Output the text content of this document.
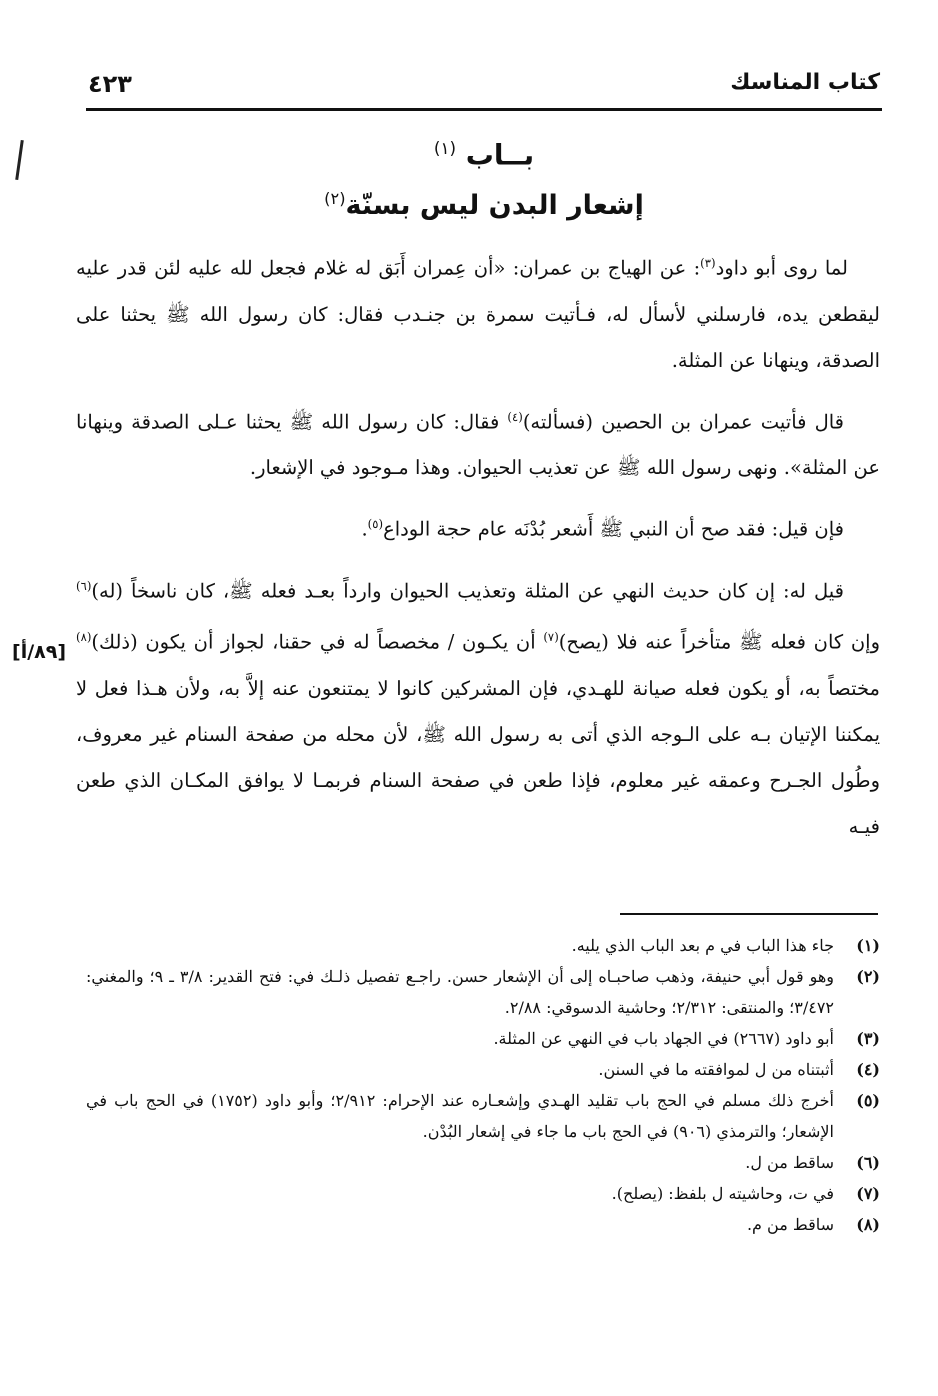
كتاب المناسك
٤٢٣
بــاب $^{(١)}$
إشعار البدن ليس بسنّة$^{(٢)}$

لما روى أبو داود$^{(٣)}$: عن الهياج بن عمران: «أن عِمران أَبَق له غلام فجعل لله عليه لئن قدر عليه ليقطعن يده، فارسلني لأسأل له، فـأتيت سمرة بن جنـدب فقال: كان رسول الله ﷺ يحثنا على الصدقة، وينهانا عن المثلة.

قال فأتيت عمران بن الحصين (فسألته)$^{(٤)}$ فقال: كان رسول الله ﷺ يحثنا عـلى الصدقة وينهانا عن المثلة». ونهى رسول الله ﷺ عن تعذيب الحيوان. وهذا مـوجود في الإشعار.

فإن قيل: فقد صح أن النبي ﷺ أَشعر بُدْنَه عام حجة الوداع$^{(٥)}$.

قيل له: إن كان حديث النهي عن المثلة وتعذيب الحيوان وارداً بعـد فعله ﷺ، كان ناسخاً (له)$^{(٦)}$ وإن كان فعله ﷺ متأخراً عنه فلا (يصح)$^{(٧)}$ أن يكـون / مخصصاً له في حقنا، لجواز أن يكون (ذلك)$^{(٨)}$ مختصاً به، أو يكون فعله صيانة للهـدي، فإن المشركين كانوا لا يمتنعون عنه إلاَّ به، ولأن هـذا فعل لا يمكننا الإتيان بـه على الـوجه الذي أتى به رسول الله ﷺ، لأن محله من صفحة السنام غير معروف، وطُول الجـرح وعمقه غير معلوم، فإذا طعن في صفحة السنام فربمـا لا يوافق المكـان الذي طعن فيـه

[٨٩/أ]
(١)
جاء هذا الباب في م بعد الباب الذي يليه.
(٢)
وهو قول أبي حنيفة، وذهب صاحبـاه إلى أن الإشعار حسن. راجـع تفصيل ذلـك في: فتح القدير: ٣/٨ ـ ٩؛ والمغني: ٣/٤٧٢؛ والمنتقى: ٢/٣١٢؛ وحاشية الدسوقي: ٢/٨٨.
(٣)
أبو داود (٢٦٦٧) في الجهاد باب في النهي عن المثلة.
(٤)
أثبتناه من ل لموافقته ما في السنن.
(٥)
أخرج ذلك مسلم في الحج باب تقليد الهـدي وإشعـاره عند الإحرام: ٢/٩١٢؛ وأبو داود (١٧٥٢) في الحج باب في الإشعار؛ والترمذي (٩٠٦) في الحج باب ما جاء في إشعار البُدْن.
(٦)
ساقط من ل.
(٧)
في ت، وحاشيته ل بلفظ: (يصلح).
(٨)
ساقط من م.
